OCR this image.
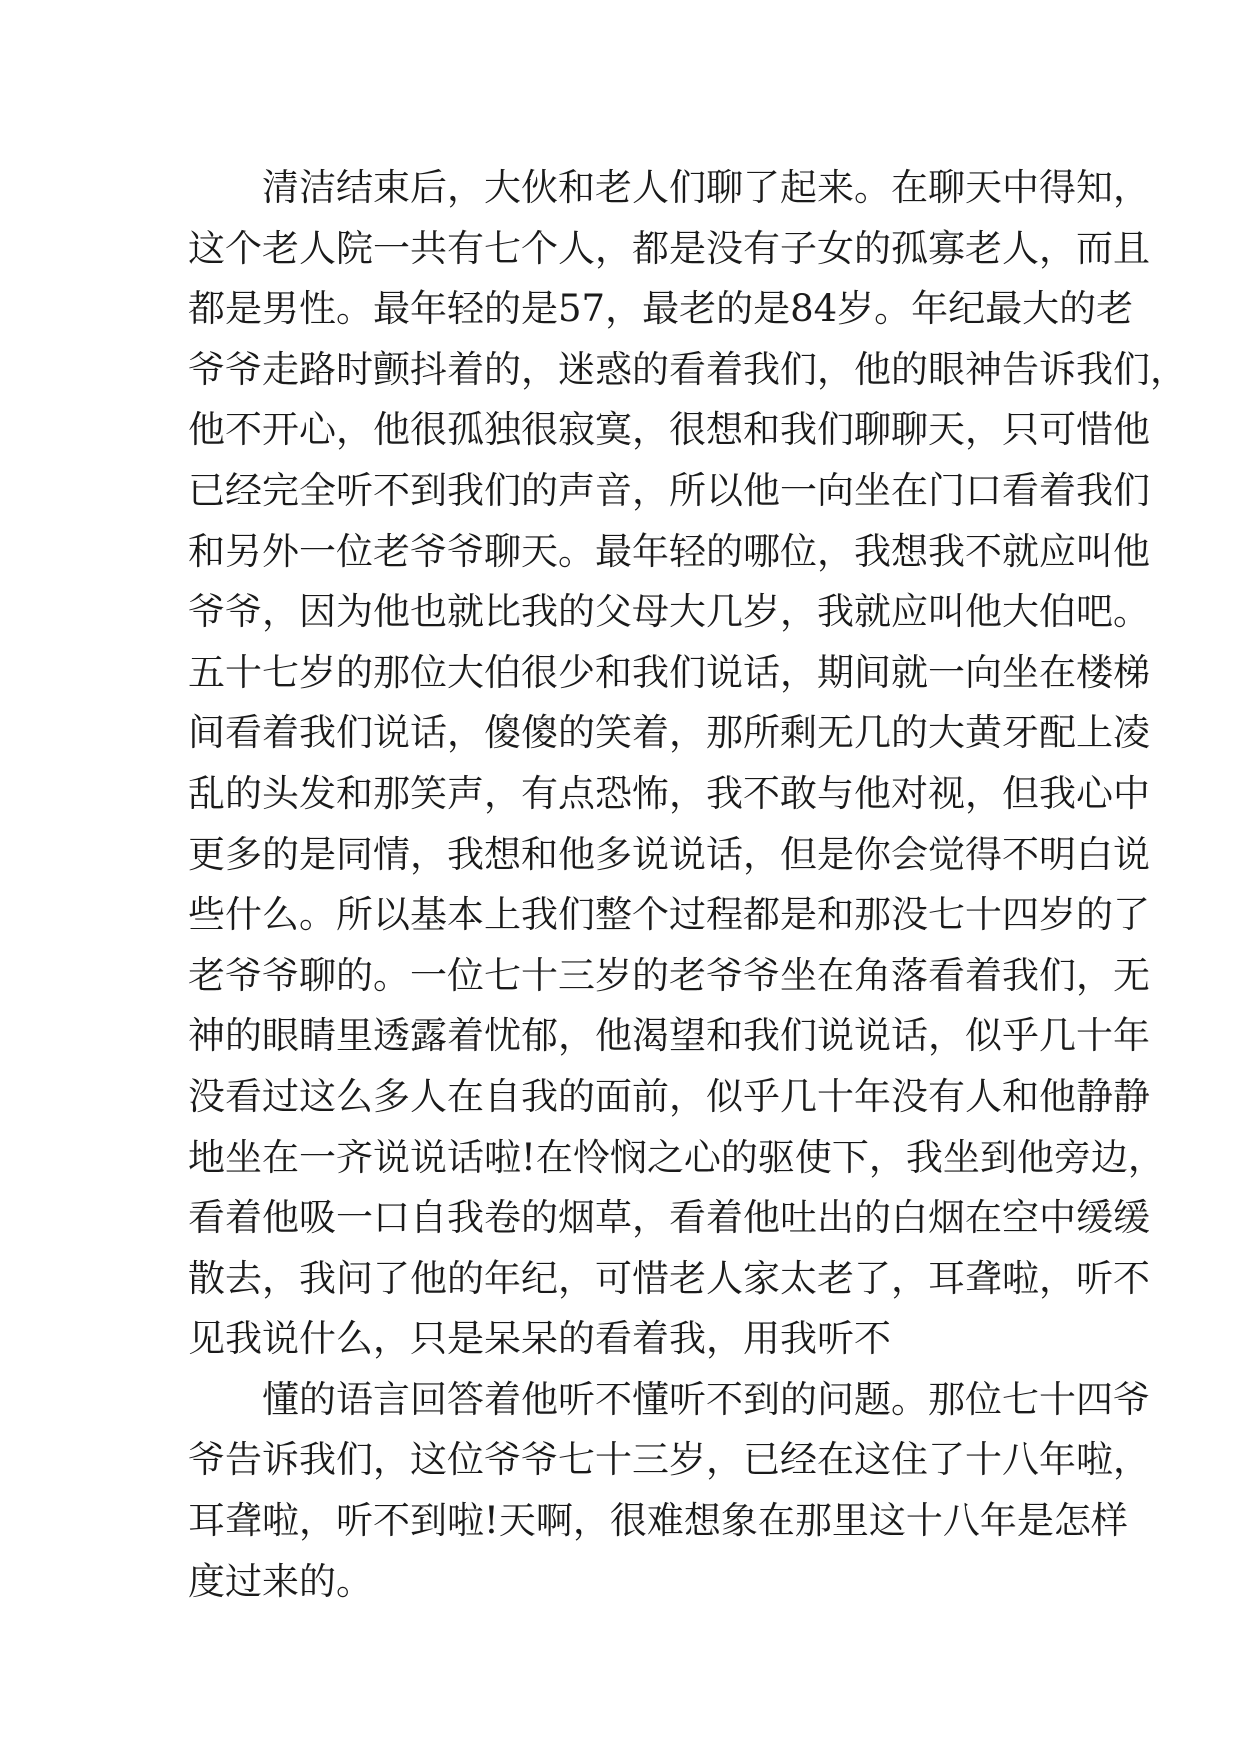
清洁结束后，大伙和老人们聊了起来。在聊天中得知，
这个老人院一共有七个人，都是没有子女的孤寡老人，而且
都是男性。最年轻的是57，最老的是84岁。年纪最大的老
爷爷走路时颤抖着的，迷惑的看着我们，他的眼神告诉我们，
他不开心，他很孤独很寂寞，很想和我们聊聊天，只可惜他
已经完全听不到我们的声音，所以他一向坐在门口看着我们
和另外一位老爷爷聊天。最年轻的哪位，我想我不就应叫他
爷爷，因为他也就比我的父母大几岁，我就应叫他大伯吧。
五十七岁的那位大伯很少和我们说话，期间就一向坐在楼梯
间看着我们说话，傻傻的笑着，那所剩无几的大黄牙配上凌
乱的头发和那笑声，有点恐怖，我不敢与他对视，但我心中
更多的是同情，我想和他多说说话，但是你会觉得不明白说
些什么。所以基本上我们整个过程都是和那没七十四岁的了
老爷爷聊的。一位七十三岁的老爷爷坐在角落看着我们，无
神的眼睛里透露着忧郁，他渴望和我们说说话，似乎几十年
没看过这么多人在自我的面前，似乎几十年没有人和他静静
地坐在一齐说说话啦!在怜悯之心的驱使下，我坐到他旁边，
看着他吸一口自我卷的烟草，看着他吐出的白烟在空中缓缓
散去，我问了他的年纪，可惜老人家太老了，耳聋啦，听不
见我说什么，只是呆呆的看着我，用我听不
懂的语言回答着他听不懂听不到的问题。那位七十四爷
爷告诉我们，这位爷爷七十三岁，已经在这住了十八年啦，
耳聋啦，听不到啦!天啊，很难想象在那里这十八年是怎样
度过来的。
